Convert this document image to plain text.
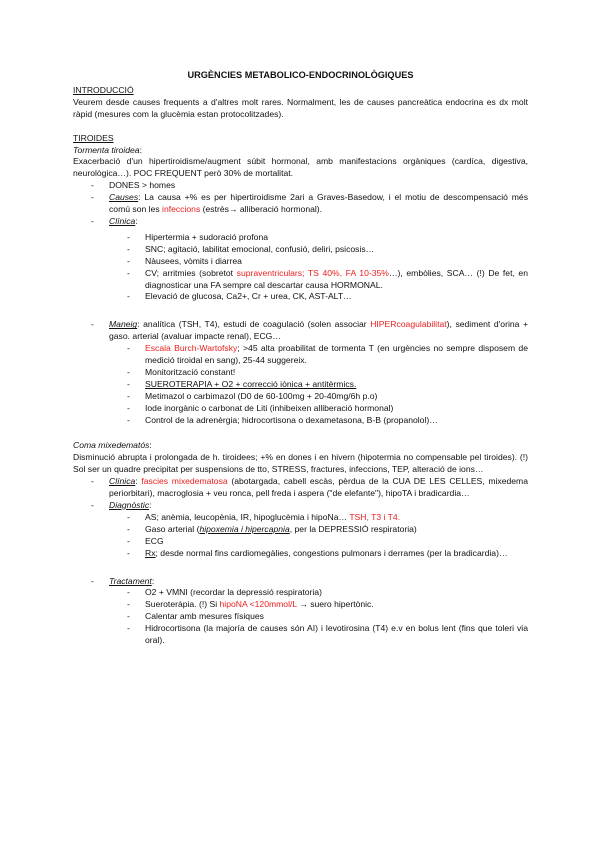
URGÈNCIES METABOLICO-ENDOCRINOLÒGIQUES
INTRODUCCIÓ
Veurem desde causes frequents a d'altres molt rares. Normalment, les de causes pancreàtica endocrina es dx molt ràpid (mesures com la glucèmia estan protocolitzades).
TIROIDES
Tormenta tiroidea:
Exacerbació d'un hipertiroidisme/augment súbit hormonal, amb manifestacions orgàniques (cardíca, digestiva, neurològica…). POC FREQUENT però 30% de mortalitat.
- DONES > homes
- Causes: La causa +% es per hipertiroidisme 2ari a Graves-Basedow, i el motiu de descompensació més comú son les infeccions (estrès→ alliberació hormonal).
- Clínica:
- Hipertermia + sudoració profona
- SNC; agitació, labilitat emocional, confusió, deliri, psicosis…
- Nàusees, vòmits i diarrea
- CV; arritmies (sobretot supraventriculars; TS 40%, FA 10-35%…), embòlies, SCA… (!) De fet, en diagnosticar una FA sempre cal descartar causa HORMONAL.
- Elevació de glucosa, Ca2+, Cr + urea, CK, AST-ALT…
- Maneig: analítica (TSH, T4), estudi de coagulació (solen associar HIPERcoagulabilitat), sediment d'orina + gaso. arterial (avaluar impacte renal), ECG…
- Escala Burch-Wartofsky; >45 alta proabilitat de tormenta T (en urgències no sempre disposem de medició tiroidal en sang), 25-44 suggereix.
- Monitorització constant!
- SUEROTERAPIA + O2 + correcció iònica + antitèrmics.
- Metimazol o carbimazol (D0 de 60-100mg + 20-40mg/6h p.o)
- Iode inorgànic o carbonat de Liti (inhibeixen alliberació hormonal)
- Control de la adrenèrgia; hidrocortisona o dexametasona, B-B (propanolol)…
Coma mixedematós:
Disminució abrupta i prolongada de h. tiroidees; +% en dones i en hivern (hipotermia no compensable pel tiroides). (!) Sol ser un quadre precipitat per suspensions de tto, STRESS, fractures, infeccions, TEP, alteració de ions…
- Clínica: fascies mixedematosa (abotargada, cabell escàs, pèrdua de la CUA DE LES CELLES, mixedema periorbitari), macroglosia + veu ronca, pell freda i aspera ("de elefante"), hipoTA i bradicardia…
- Diagnòstic:
- AS; anèmia, leucopènia, IR, hipoglucèmia i hipoNa… TSH, T3 i T4.
- Gaso arterial (hipoxemia i hipercapnia, per la DEPRESSIÓ respiratoria)
- ECG
- Rx; desde normal fins cardiomegàlies, congestions pulmonars i derrames (per la bradicardia)…
- Tractament:
- O2 + VMNI (recordar la depressió respiratoria)
- Sueroteràpia. (!) Si hipoNA <120mmol/L → suero hipertònic.
- Calentar amb mesures físiques
- Hidrocortisona (la majoría de causes són AI) i levotirosina (T4) e.v en bolus lent (fins que toleri via oral).
